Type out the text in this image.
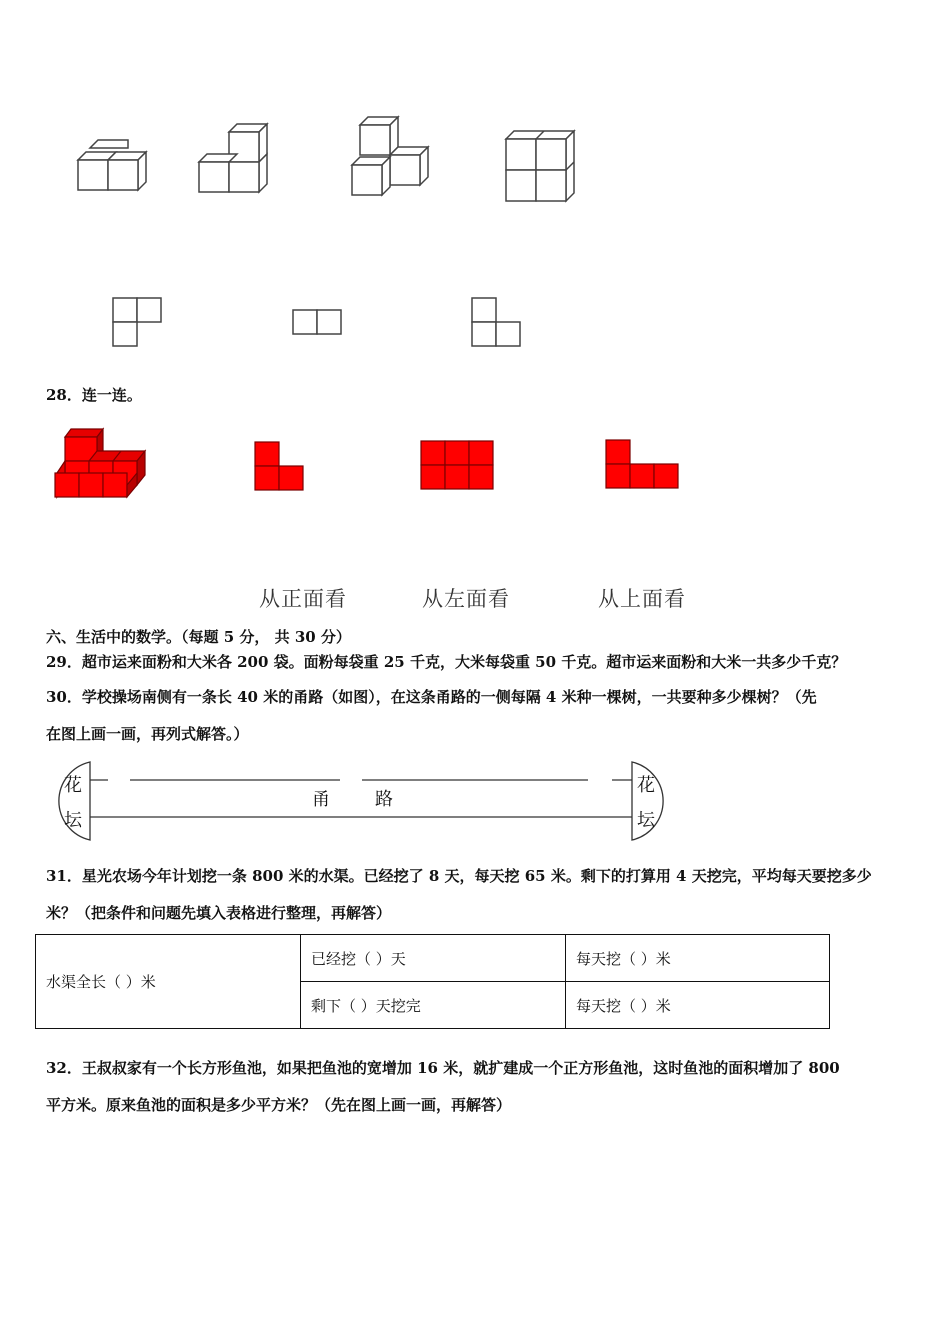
28．连一连。
从正面看	从左面看	从上面看
六、生活中的数学。（每题 5 分， 共 30 分）
29．超市运来面粉和大米各 200 袋。面粉每袋重 25 千克，大米每袋重 50 千克。超市运来面粉和大米一共多少千克？
30．学校操场南侧有一条长 40 米的甬路（如图），在这条甬路的一侧每隔 4 米种一棵树，一共要种多少棵树？（先
在图上画一画，再列式解答。）
花
坛
花
坛
甬	路
31．星光农场今年计划挖一条 800 米的水渠。已经挖了 8 天，每天挖 65 米。剩下的打算用 4 天挖完，平均每天要挖多少
米？（把条件和问题先填入表格进行整理，再解答）
水渠全长（ ）米	已经挖（ ）天	每天挖（ ）米
	剩下（ ）天挖完	每天挖（ ）米
32．王叔叔家有一个长方形鱼池，如果把鱼池的宽增加 16 米，就扩建成一个正方形鱼池，这时鱼池的面积增加了 800
平方米。原来鱼池的面积是多少平方米？（先在图上画一画，再解答）
